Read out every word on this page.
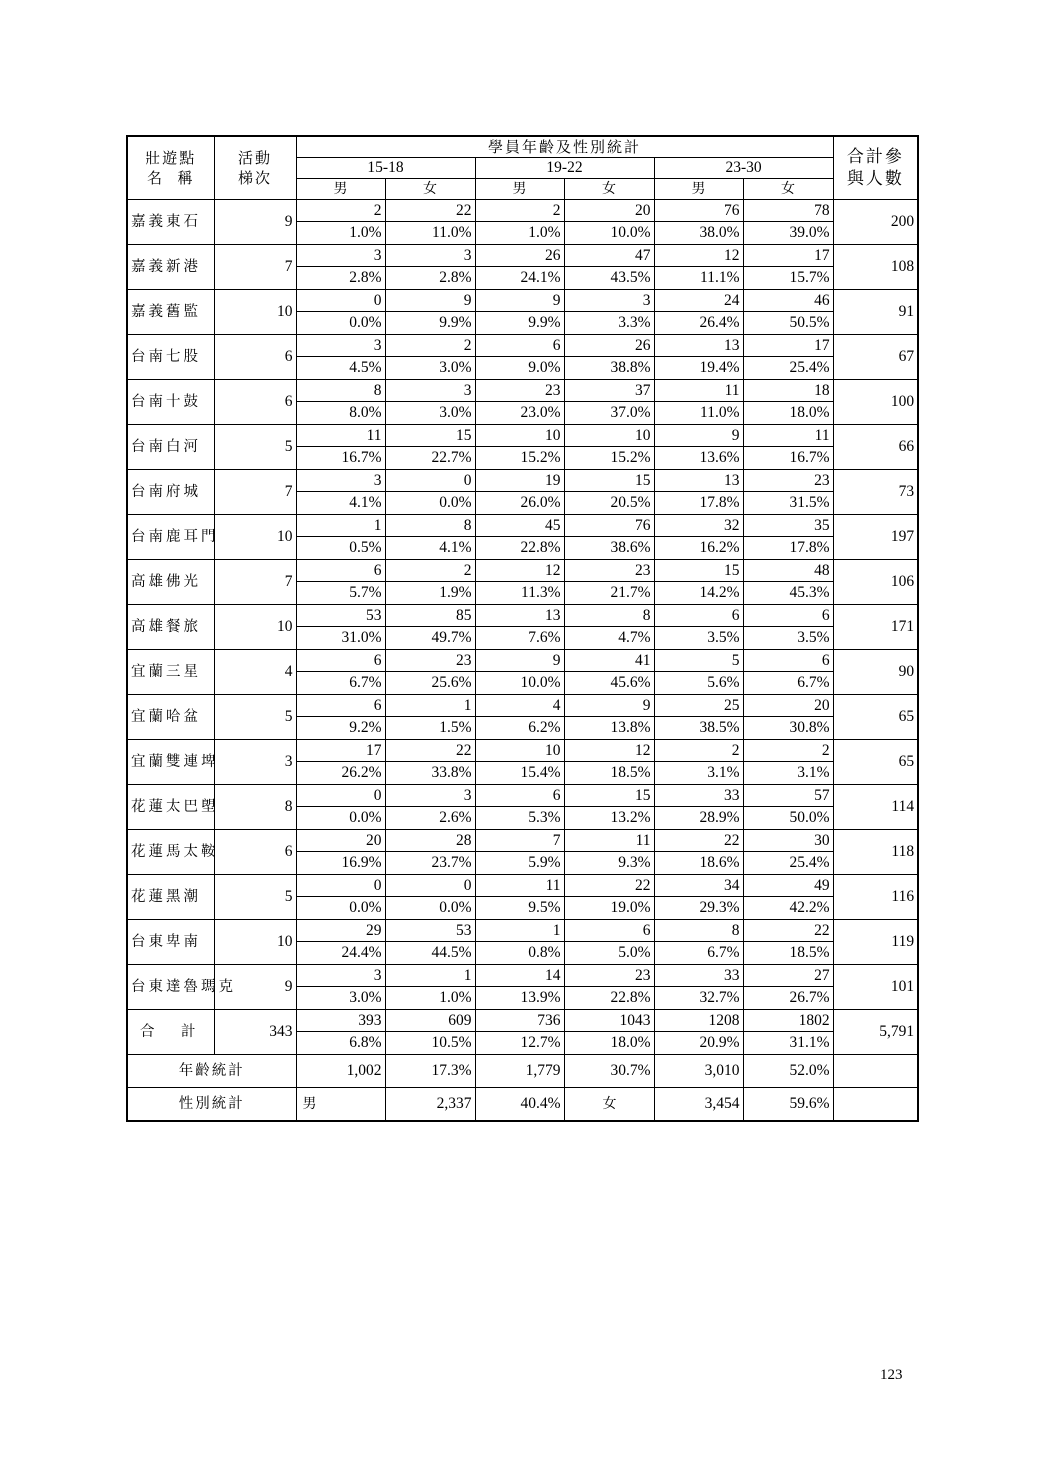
壯遊點
名  稱	活動
梯次	學員年齡及性別統計						合計參
與人數
		15-18		19-22		23-30		
		男	女	男	女	男	女	
嘉義東石	9	2	22	2	20	76	78	200
		1.0%	11.0%	1.0%	10.0%	38.0%	39.0%	
嘉義新港	7	3	3	26	47	12	17	108
		2.8%	2.8%	24.1%	43.5%	11.1%	15.7%	
嘉義舊監	10	0	9	9	3	24	46	91
		0.0%	9.9%	9.9%	3.3%	26.4%	50.5%	
台南七股	6	3	2	6	26	13	17	67
		4.5%	3.0%	9.0%	38.8%	19.4%	25.4%	
台南十鼓	6	8	3	23	37	11	18	100
		8.0%	3.0%	23.0%	37.0%	11.0%	18.0%	
台南白河	5	11	15	10	10	9	11	66
		16.7%	22.7%	15.2%	15.2%	13.6%	16.7%	
台南府城	7	3	0	19	15	13	23	73
		4.1%	0.0%	26.0%	20.5%	17.8%	31.5%	
台南鹿耳門	10	1	8	45	76	32	35	197
		0.5%	4.1%	22.8%	38.6%	16.2%	17.8%	
高雄佛光	7	6	2	12	23	15	48	106
		5.7%	1.9%	11.3%	21.7%	14.2%	45.3%	
高雄餐旅	10	53	85	13	8	6	6	171
		31.0%	49.7%	7.6%	4.7%	3.5%	3.5%	
宜蘭三星	4	6	23	9	41	5	6	90
		6.7%	25.6%	10.0%	45.6%	5.6%	6.7%	
宜蘭哈盆	5	6	1	4	9	25	20	65
		9.2%	1.5%	6.2%	13.8%	38.5%	30.8%	
宜蘭雙連埤	3	17	22	10	12	2	2	65
		26.2%	33.8%	15.4%	18.5%	3.1%	3.1%	
花蓮太巴塱	8	0	3	6	15	33	57	114
		0.0%	2.6%	5.3%	13.2%	28.9%	50.0%	
花蓮馬太鞍	6	20	28	7	11	22	30	118
		16.9%	23.7%	5.9%	9.3%	18.6%	25.4%	
花蓮黑潮	5	0	0	11	22	34	49	116
		0.0%	0.0%	9.5%	19.0%	29.3%	42.2%	
台東卑南	10	29	53	1	6	8	22	119
		24.4%	44.5%	0.8%	5.0%	6.7%	18.5%	
台東達魯瑪克	9	3	1	14	23	33	27	101
		3.0%	1.0%	13.9%	22.8%	32.7%	26.7%	
合　計	343	393	609	736	1043	1208	1802	5,791
		6.8%	10.5%	12.7%	18.0%	20.9%	31.1%	
年齡統計		1,002	17.3%	1,779	30.7%	3,010	52.0%	
性別統計		男	2,337	40.4%	女	3,454	59.6%	
123
